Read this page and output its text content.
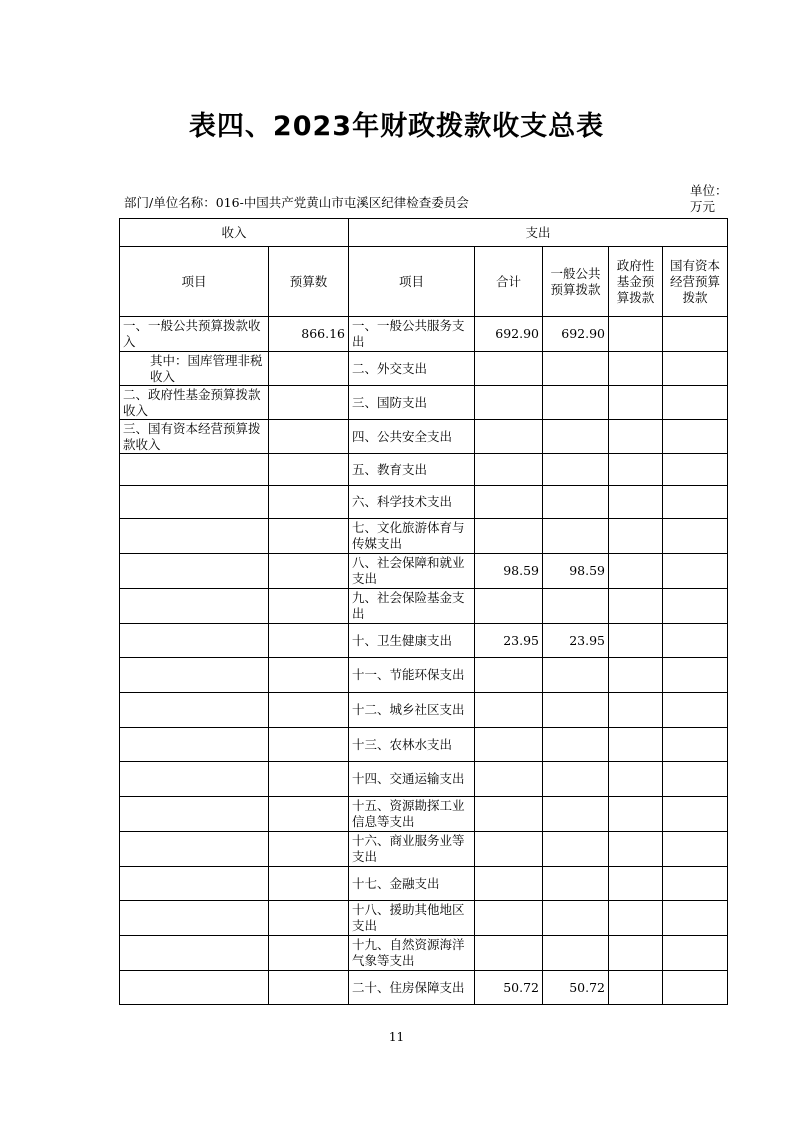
表四、2023年财政拨款收支总表
部门/单位名称：016-中国共产党黄山市屯溪区纪律检查委员会
单位：万元
收入		支出				
项目	预算数	项目	合计	一般公共预算拨款	政府性基金预算拨款	国有资本经营预算拨款
一、一般公共预算拨款收入	866.16	一、一般公共服务支出	692.90	692.90		
其中：国库管理非税收入		二、外交支出				
二、政府性基金预算拨款收入		三、国防支出				
三、国有资本经营预算拨款收入		四、公共安全支出				
		五、教育支出				
		六、科学技术支出				
		七、文化旅游体育与传媒支出				
		八、社会保障和就业支出	98.59	98.59		
		九、社会保险基金支出				
		十、卫生健康支出	23.95	23.95		
		十一、节能环保支出				
		十二、城乡社区支出				
		十三、农林水支出				
		十四、交通运输支出				
		十五、资源勘探工业信息等支出				
		十六、商业服务业等支出				
		十七、金融支出				
		十八、援助其他地区支出				
		十九、自然资源海洋气象等支出				
		二十、住房保障支出	50.72	50.72		
11
